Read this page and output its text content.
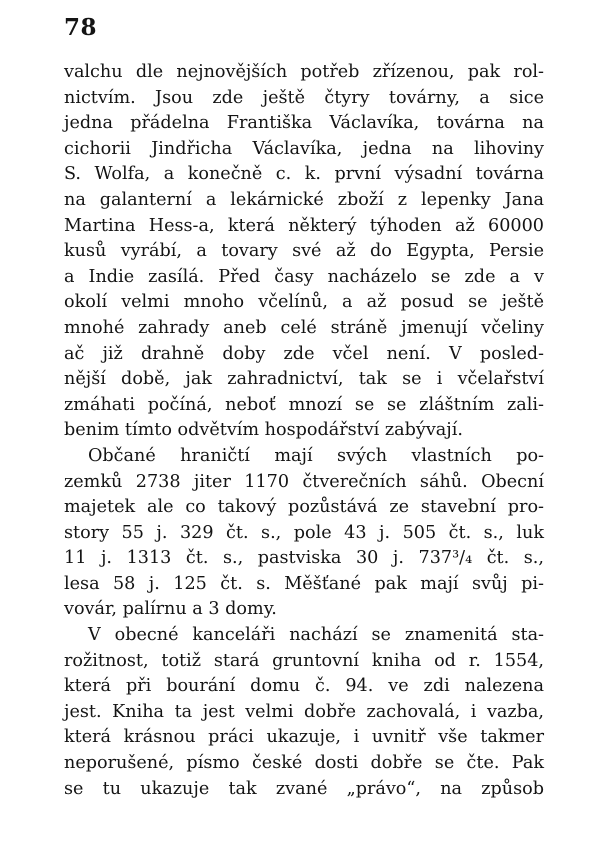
78
valchu dle nejnovějších potřeb zřízenou, pak rol-
nictvím. Jsou zde ještě čtyry továrny, a sice
jedna přádelna Františka Václavíka, továrna na
cichorii Jindřicha Václavíka, jedna na lihoviny
S. Wolfa, a konečně c. k. první výsadní továrna
na galanterní a lekárnické zboží z lepenky Jana
Martina Hess-a, která některý týhoden až 60000
kusů vyrábí, a tovary své až do Egypta, Persie
a Indie zasílá. Před časy nacházelo se zde a v
okolí velmi mnoho včelínů, a až posud se ještě
mnohé zahrady aneb celé stráně jmenují včeliny
ač již drahně doby zde včel není. V posled-
nější době, jak zahradnictví, tak se i včelařství
zmáhati počíná, neboť mnozí se se zláštním zali-
benim tímto odvětvím hospodářství zabývají.
Občané hraničtí mají svých vlastních po-
zemků 2738 jiter 1170 čtverečních sáhů. Obecní
majetek ale co takový pozůstává ze stavební pro-
story 55 j. 329 čt. s., pole 43 j. 505 čt. s., luk
11 j. 1313 čt. s., pastviska 30 j. 737³/₄ čt. s.,
lesa 58 j. 125 čt. s. Měšťané pak mají svůj pi-
vovár, palírnu a 3 domy.
V obecné kanceláři nachází se znamenitá sta-
rožitnost, totiž stará gruntovní kniha od r. 1554,
která při bourání domu č. 94. ve zdi nalezena
jest. Kniha ta jest velmi dobře zachovalá, i vazba,
která krásnou práci ukazuje, i uvnitř vše takmer
neporušené, písmo české dosti dobře se čte. Pak
se tu ukazuje tak zvané „právo“, na způsob
